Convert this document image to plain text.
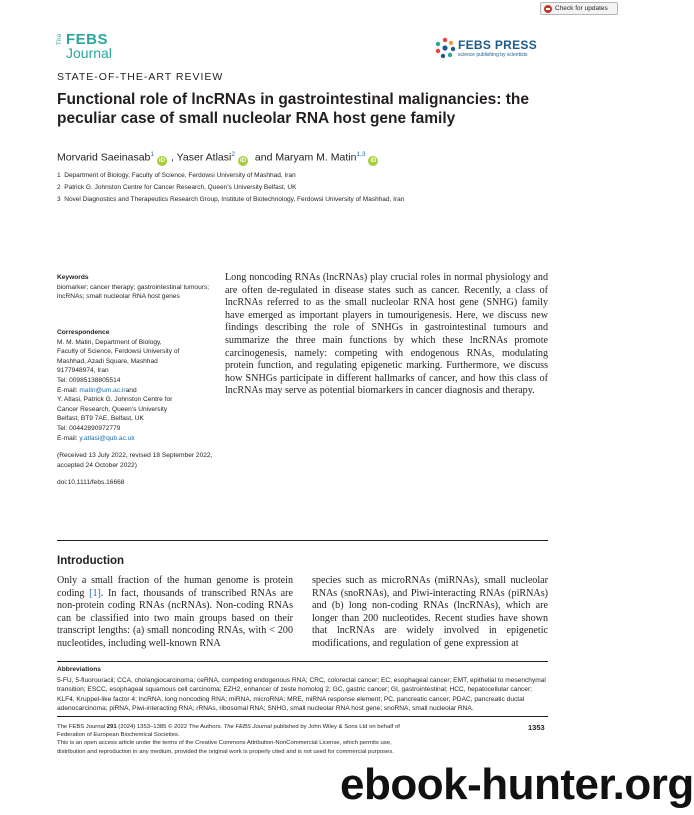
Check for updates
The FEBS
Journal	FEBS PRESS
science publishing by scientists
STATE-OF-THE-ART REVIEW
Functional role of lncRNAs in gastrointestinal malignancies: the peculiar case of small nucleolar RNA host gene family
Morvarid Saeinasab$^1$iD , Yaser Atlasi$^2$iD and Maryam M. Matin$^{1,3}$iD
1 Department of Biology, Faculty of Science, Ferdowsi University of Mashhad, Iran
2 Patrick G. Johnston Centre for Cancer Research, Queen’s University Belfast, UK
3 Novel Diagnostics and Therapeutics Research Group, Institute of Biotechnology, Ferdowsi University of Mashhad, Iran
Keywords
biomarker; cancer therapy; gastrointestinal tumours; lncRNAs; small nucleolar RNA host genes
Correspondence
M. M. Matin, Department of Biology,
Faculty of Science, Ferdowsi University of
Mashhad, Azadi Square, Mashhad
9177948974, Iran
Tel: 00985138805514
E-mail: matin@um.ac.irand
Y. Atlasi, Patrick G. Johnston Centre for
Cancer Research, Queen’s University
Belfast, BT9 7AE, Belfast, UK
Tel: 00442890972779
E-mail: y.atlasi@qub.ac.uk
(Received 13 July 2022, revised 18 September 2022, accepted 24 October 2022)
doi:10.1111/febs.16668
Long noncoding RNAs (lncRNAs) play crucial roles in normal physiology and are often de-regulated in disease states such as cancer. Recently, a class of lncRNAs referred to as the small nucleolar RNA host gene (SNHG) family have emerged as important players in tumourigenesis. Here, we discuss new findings describing the role of SNHGs in gastrointestinal tumours and summarize the three main functions by which these lncRNAs promote carcinogenesis, namely: competing with endogenous RNAs, modulating protein function, and regulating epigenetic marking. Furthermore, we discuss how SNHGs participate in different hallmarks of cancer, and how this class of lncRNAs may serve as potential biomarkers in cancer diagnosis and therapy.
Introduction
Only a small fraction of the human genome is protein coding [1]. In fact, thousands of transcribed RNAs are non-protein coding RNAs (ncRNAs). Non-coding RNAs can be classified into two main groups based on their transcript lengths: (a) small noncoding RNAs, with < 200 nucleotides, including well-known RNA
species such as microRNAs (miRNAs), small nucleolar RNAs (snoRNAs), and Piwi-interacting RNAs (piRNAs) and (b) long non-coding RNAs (lncRNAs), which are longer than 200 nucleotides. Recent studies have shown that lncRNAs are widely involved in epigenetic modifications, and regulation of gene expression at
Abbreviations
5-FU, 5-fluorouracil; CCA, cholangiocarcinoma; ceRNA, competing endogenous RNA; CRC, colorectal cancer; EC, esophageal cancer; EMT, epithelial to mesenchymal transition; ESCC, esophageal squamous cell carcinoma; EZH2, enhancer of zeste homolog 2; GC, gastric cancer; GI, gastrointestinal; HCC, hepatocellular cancer; KLF4, Kruppel-like factor 4; lncRNA, long noncoding RNA; miRNA, microRNA; MRE, miRNA response element; PC, pancreatic cancer; PDAC, pancreatic ductal adenocarcinoma; piRNA, Piwi-interacting RNA; rRNAs, ribosomal RNA; SNHG, small nucleolar RNA host gene; snoRNA, small nucleolar RNA.
The FEBS Journal 291 (2024) 1353–1385 © 2022 The Authors. The FEBS Journal published by John Wiley & Sons Ltd on behalf of
Federation of European Biochemical Societies.
This is an open access article under the terms of the Creative Commons Attribution-NonCommercial License, which permits use,
distribution and reproduction in any medium, provided the original work is properly cited and is not used for commercial purposes.
1353
ebook-hunter.org
